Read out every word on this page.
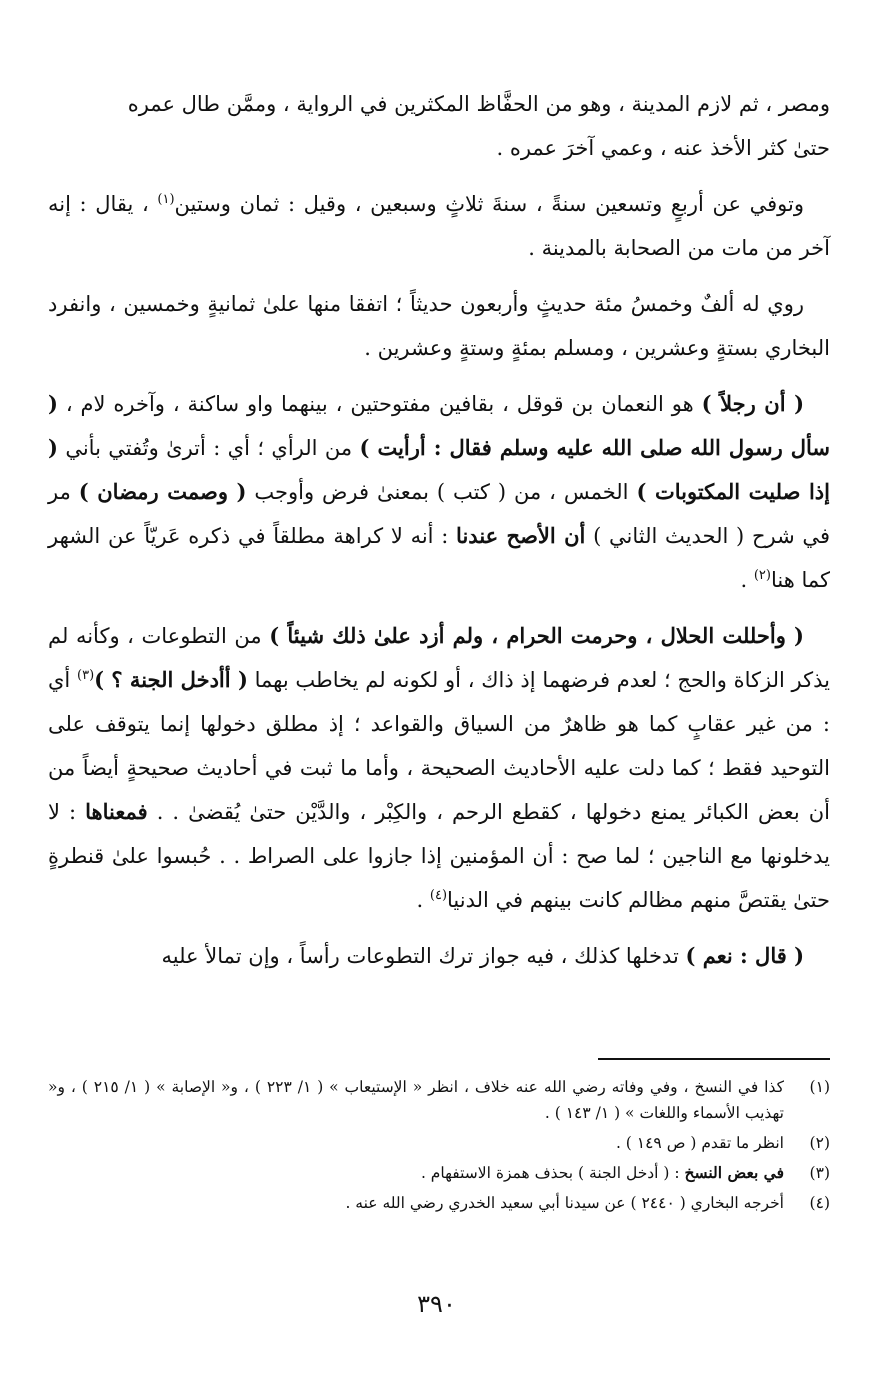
ومصر ، ثم لازم المدينة ، وهو من الحفَّاظ المكثرين في الرواية ، وممَّن طال عمره
حتىٰ كثر الأخذ عنه ، وعمي آخرَ عمره .

وتوفي عن أربعٍ وتسعين سنةً ، سنةَ ثلاثٍ وسبعين ، وقيل : ثمان وستين$^{(١)}$ ، يقال : إنه آخر من مات من الصحابة بالمدينة .

روي له ألفٌ وخمسُ مئة حديثٍ وأربعون حديثاً ؛ اتفقا منها علىٰ ثمانيةٍ وخمسين ، وانفرد البخاري بستةٍ وعشرين ، ومسلم بمئةٍ وستةٍ وعشرين .

( أن رجلاً ) هو النعمان بن قوقل ، بقافين مفتوحتين ، بينهما واو ساكنة ، وآخره لام ، ( سأل رسول الله صلى الله عليه وسلم فقال : أرأيت ) من الرأي ؛ أي : أترىٰ وتُفتي بأني ( إذا صليت المكتوبات ) الخمس ، من ( كتب ) بمعنىٰ فرض وأوجب ( وصمت رمضان ) مر في شرح ( الحديث الثاني ) أن الأصح عندنا : أنه لا كراهة مطلقاً في ذكره عَريّاً عن الشهر كما هنا$^{(٢)}$ .

( وأحللت الحلال ، وحرمت الحرام ، ولم أزد علىٰ ذلك شيئاً ) من التطوعات ، وكأنه لم يذكر الزكاة والحج ؛ لعدم فرضهما إذ ذاك ، أو لكونه لم يخاطب بهما ( أأدخل الجنة ؟ )$^{(٣)}$ أي : من غير عقابٍ كما هو ظاهرٌ من السياق والقواعد ؛ إذ مطلق دخولها إنما يتوقف على التوحيد فقط ؛ كما دلت عليه الأحاديث الصحيحة ، وأما ما ثبت في أحاديث صحيحةٍ أيضاً من أن بعض الكبائر يمنع دخولها ، كقطع الرحم ، والكِبْر ، والدَّيْن حتىٰ يُقضىٰ . . فمعناها : لا يدخلونها مع الناجين ؛ لما صح : أن المؤمنين إذا جازوا على الصراط . . حُبسوا علىٰ قنطرةٍ حتىٰ يقتصَّ منهم مظالم كانت بينهم في الدنيا$^{(٤)}$ .

( قال : نعم ) تدخلها كذلك ، فيه جواز ترك التطوعات رأساً ، وإن تمالأ عليه

(١)
كذا في النسخ ، وفي وفاته رضي الله عنه خلاف ، انظر « الإستيعاب » ( ١/ ٢٢٣ ) ، و« الإصابة » ( ١/ ٢١٥ ) ، و« تهذيب الأسماء واللغات » ( ١/ ١٤٣ ) .
(٢)
انظر ما تقدم ( ص ١٤٩ ) .
(٣)
في بعض النسخ : ( أدخل الجنة ) بحذف همزة الاستفهام .
(٤)
أخرجه البخاري ( ٢٤٤٠ ) عن سيدنا أبي سعيد الخدري رضي الله عنه .
٣٩٠
